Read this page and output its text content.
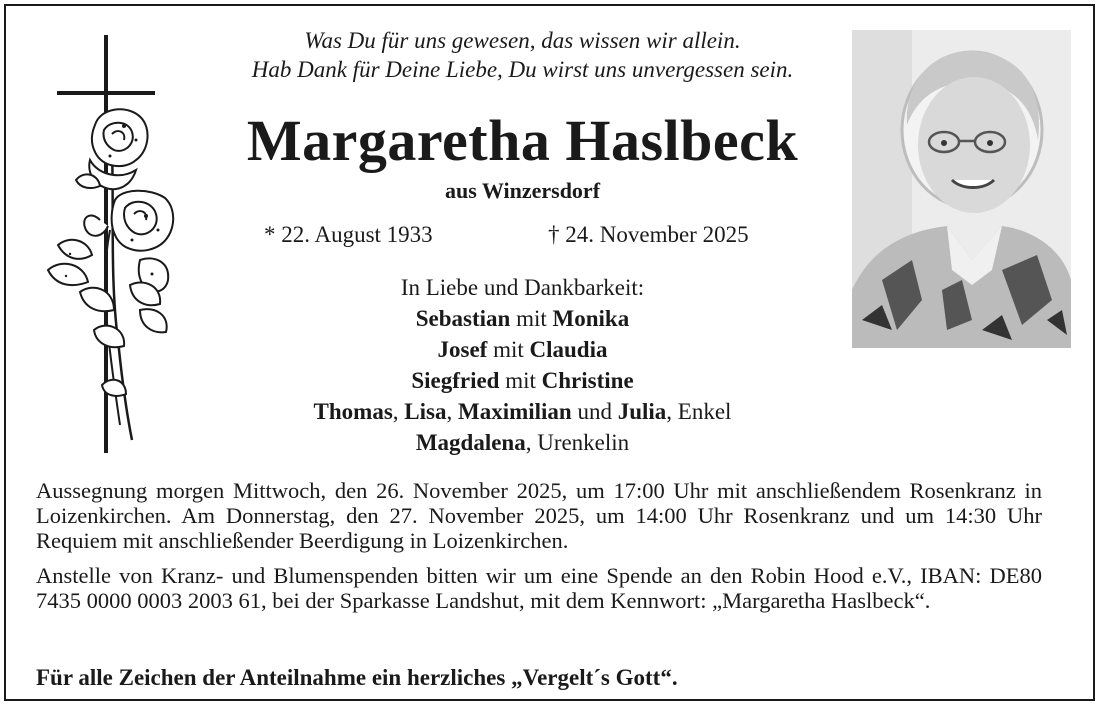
Was Du für uns gewesen, das wissen wir allein.
Hab Dank für Deine Liebe, Du wirst uns unvergessen sein.
Margaretha Haslbeck
aus Winzersdorf
* 22. August 1933	† 24. November 2025
In Liebe und Dankbarkeit:
Sebastian mit Monika
Josef mit Claudia
Siegfried mit Christine
Thomas, Lisa, Maximilian und Julia, Enkel
Magdalena, Urenkelin

Aussegnung morgen Mittwoch, den 26. November 2025, um 17:00 Uhr mit anschließendem Rosenkranz in Loizenkirchen. Am Donnerstag, den 27. November 2025, um 14:00 Uhr Rosenkranz und um 14:30 Uhr Requiem mit anschließender Beerdigung in Loizenkirchen.

Anstelle von Kranz- und Blumenspenden bitten wir um eine Spende an den Robin Hood e.V., IBAN: DE80 7435 0000 0003 2003 61, bei der Sparkasse Landshut, mit dem Kennwort: „Margaretha Haslbeck“.

Für alle Zeichen der Anteilnahme ein herzliches „Vergelt´s Gott“.
